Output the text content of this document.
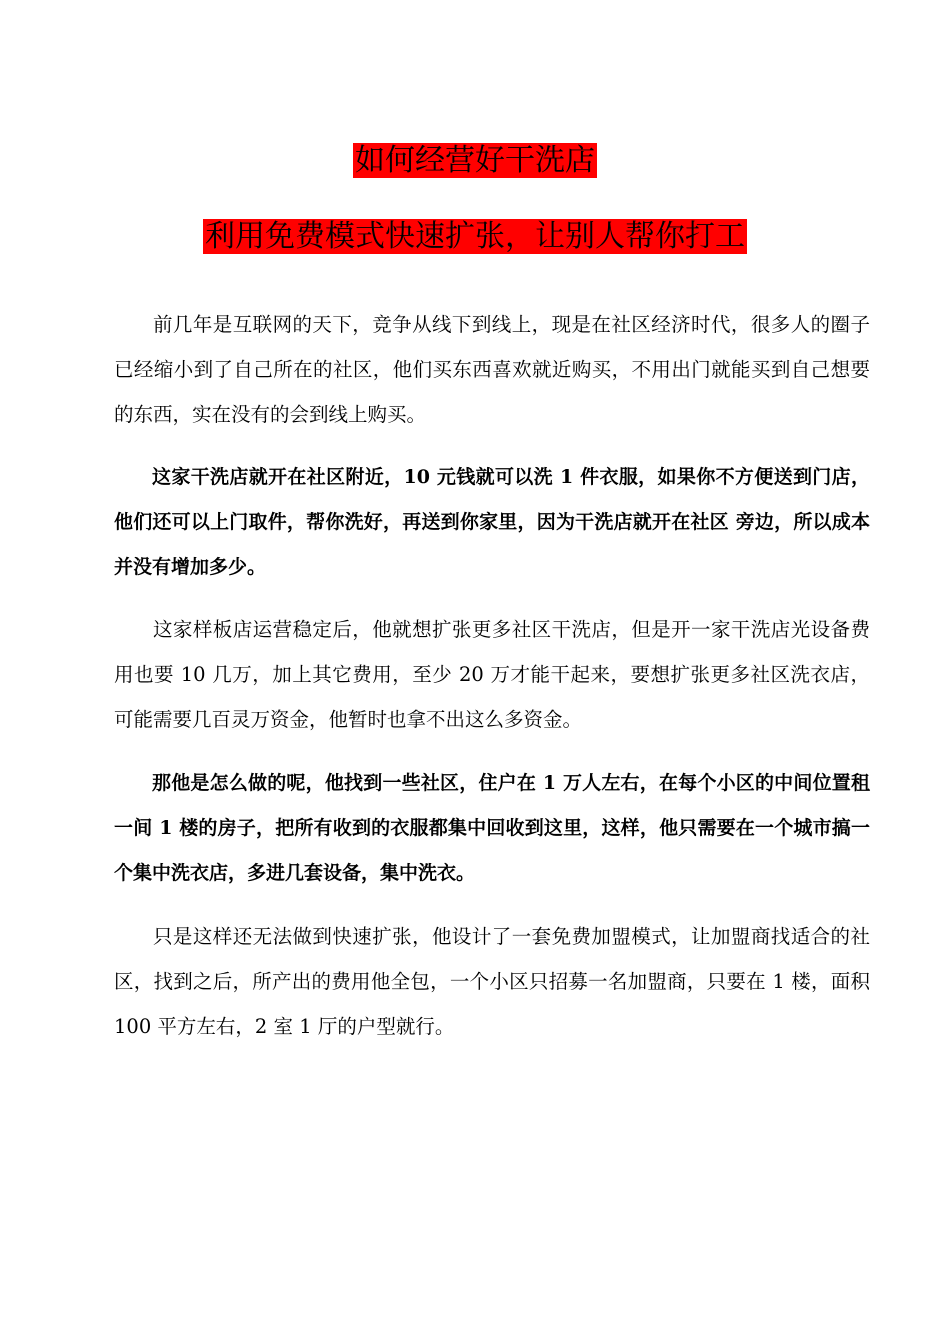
如何经营好干洗店
利用免费模式快速扩张，让别人帮你打工

前几年是互联网的天下，竞争从线下到线上，现是在社区经济时代，很多人的圈子已经缩小到了自己所在的社区，他们买东西喜欢就近购买，不用出门就能买到自己想要的东西，实在没有的会到线上购买。

这家干洗店就开在社区附近，10 元钱就可以洗 1 件衣服，如果你不方便送到门店，他们还可以上门取件，帮你洗好，再送到你家里，因为干洗店就开在社区 旁边，所以成本并没有增加多少。

这家样板店运营稳定后，他就想扩张更多社区干洗店，但是开一家干洗店光设备费用也要 10 几万，加上其它费用，至少 20 万才能干起来，要想扩张更多社区洗衣店，可能需要几百灵万资金，他暂时也拿不出这么多资金。

那他是怎么做的呢，他找到一些社区，住户在 1 万人左右，在每个小区的中间位置租一间 1 楼的房子，把所有收到的衣服都集中回收到这里，这样，他只需要在一个城市搞一个集中洗衣店，多进几套设备，集中洗衣。

只是这样还无法做到快速扩张，他设计了一套免费加盟模式，让加盟商找适合的社区，找到之后，所产出的费用他全包，一个小区只招募一名加盟商，只要在 1 楼，面积 100 平方左右，2 室 1 厅的户型就行。
